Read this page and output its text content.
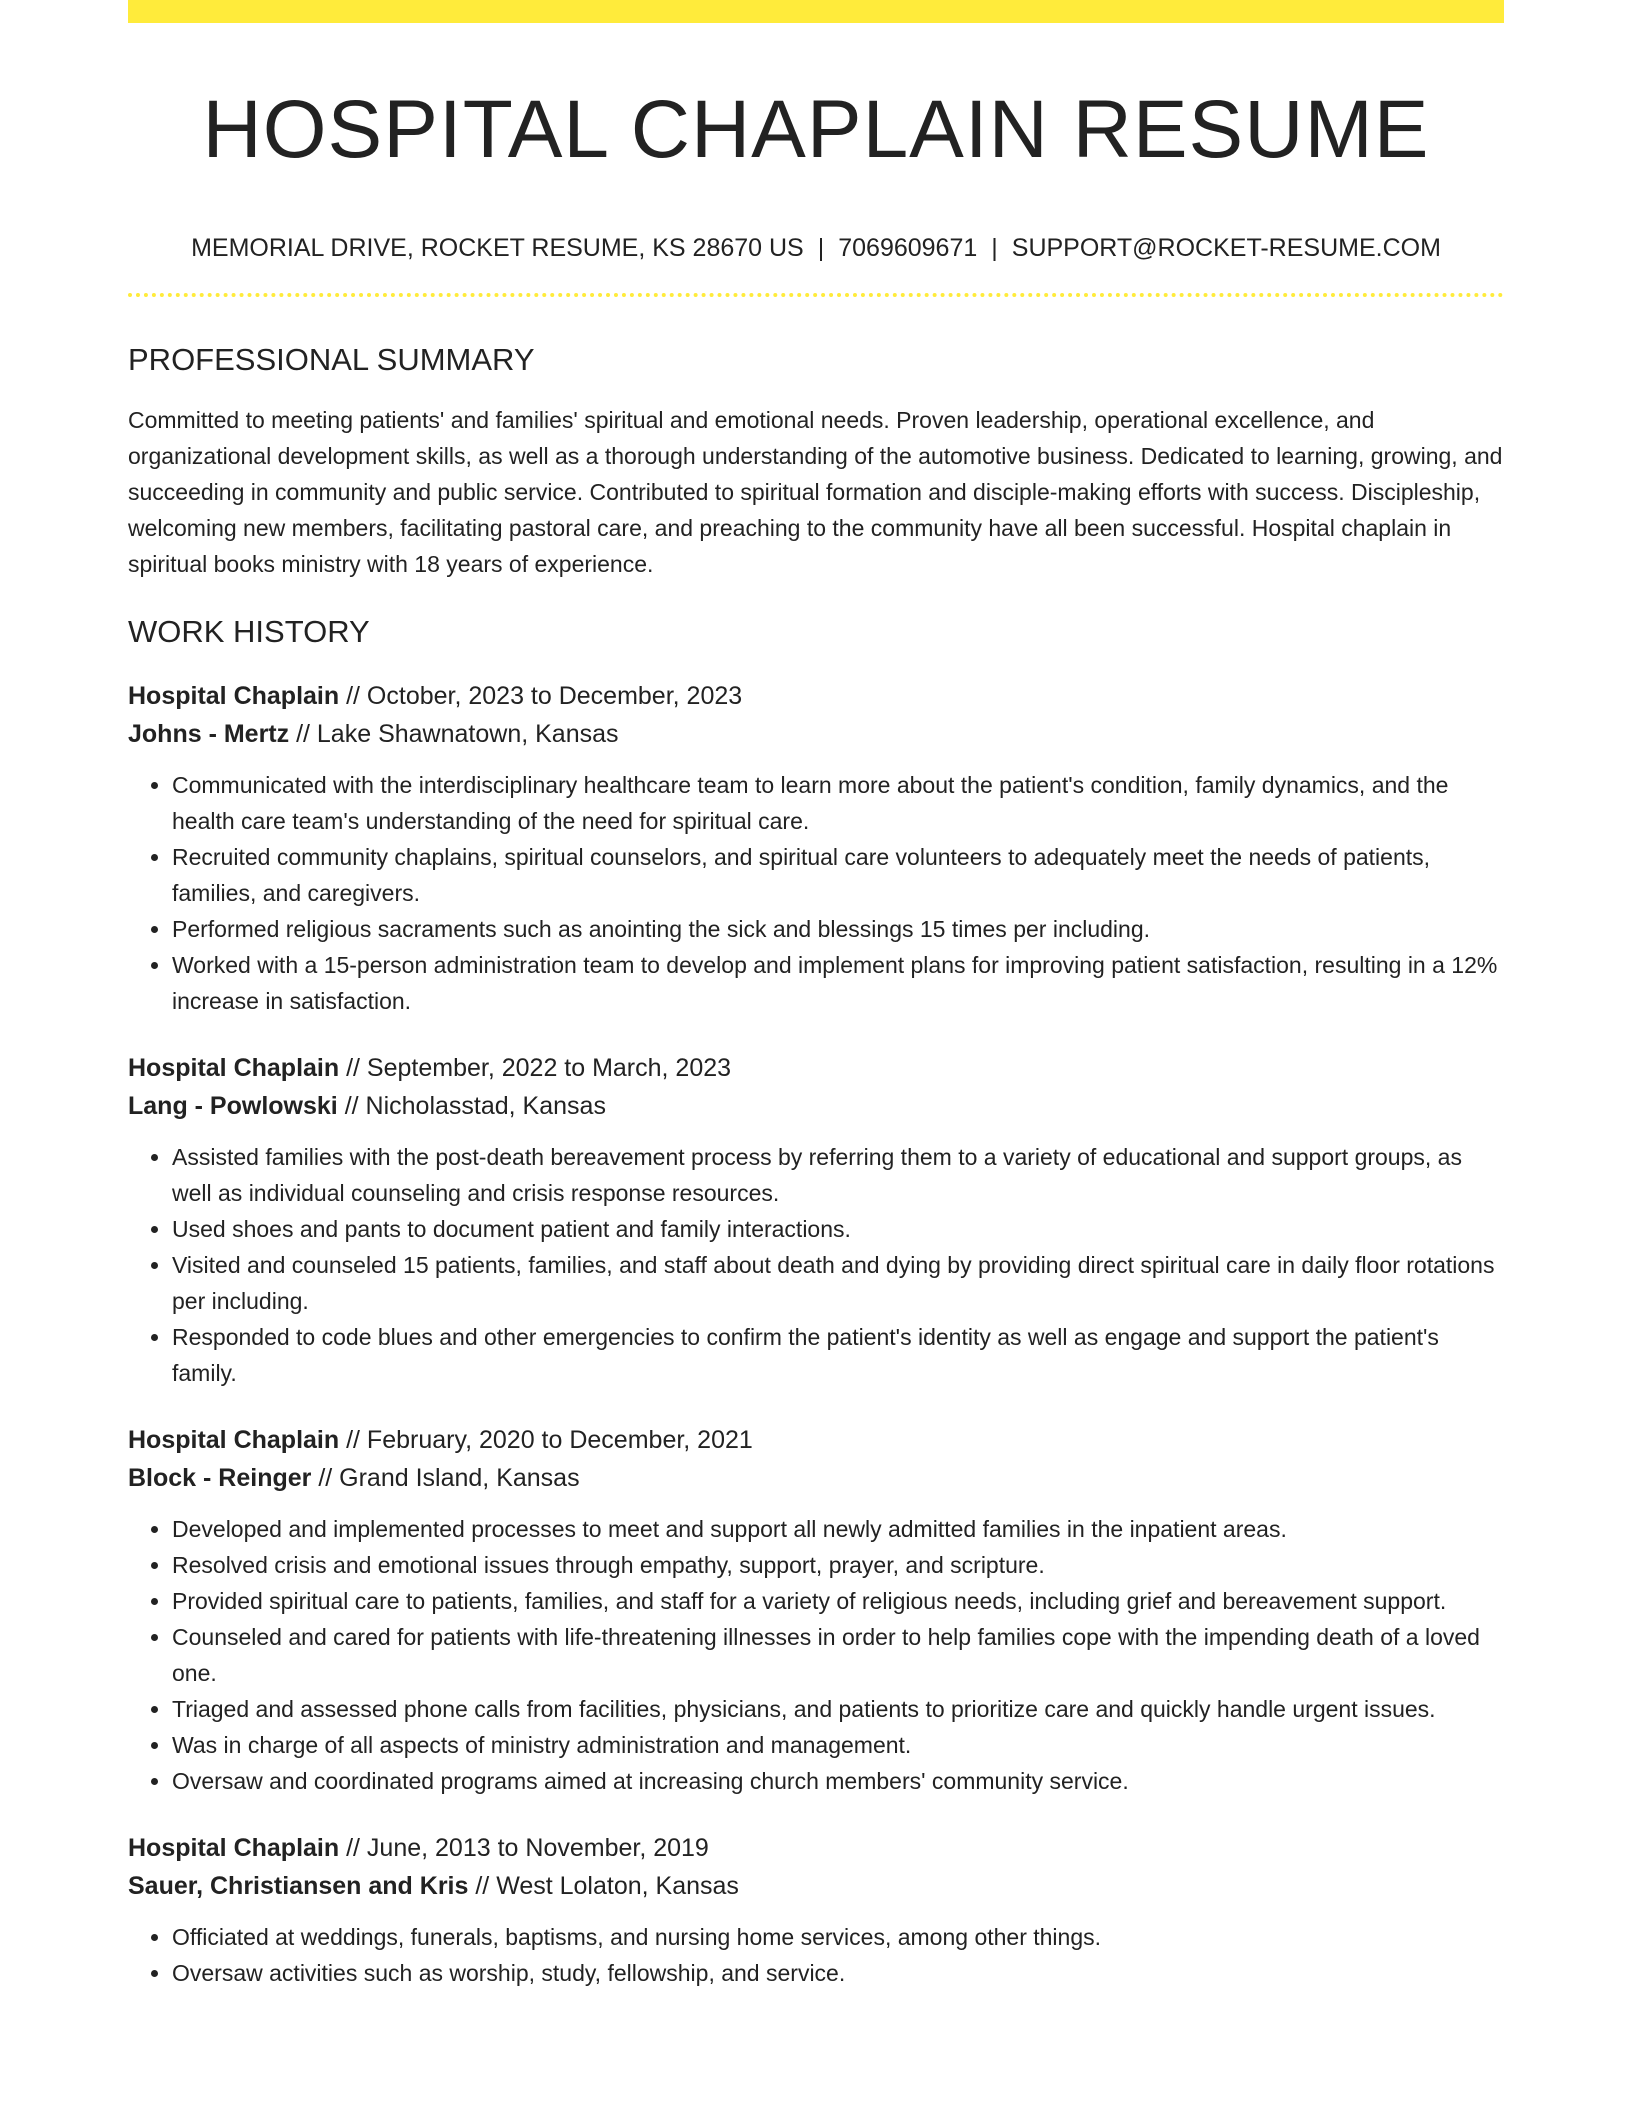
HOSPITAL CHAPLAIN RESUME
MEMORIAL DRIVE, ROCKET RESUME, KS 28670 US | 7069609671 | SUPPORT@ROCKET-RESUME.COM
PROFESSIONAL SUMMARY

Committed to meeting patients' and families' spiritual and emotional needs. Proven leadership, operational excellence, and organizational development skills, as well as a thorough understanding of the automotive business. Dedicated to learning, growing, and succeeding in community and public service. Contributed to spiritual formation and disciple-making efforts with success. Discipleship, welcoming new members, facilitating pastoral care, and preaching to the community have all been successful. Hospital chaplain in spiritual books ministry with 18 years of experience.

WORK HISTORY
Hospital Chaplain // October, 2023 to December, 2023
Johns - Mertz // Lake Shawnatown, Kansas
• Communicated with the interdisciplinary healthcare team to learn more about the patient's condition, family dynamics, and the health care team's understanding of the need for spiritual care.
• Recruited community chaplains, spiritual counselors, and spiritual care volunteers to adequately meet the needs of patients, families, and caregivers.
• Performed religious sacraments such as anointing the sick and blessings 15 times per including.
• Worked with a 15-person administration team to develop and implement plans for improving patient satisfaction, resulting in a 12% increase in satisfaction.
Hospital Chaplain // September, 2022 to March, 2023
Lang - Powlowski // Nicholasstad, Kansas
• Assisted families with the post-death bereavement process by referring them to a variety of educational and support groups, as well as individual counseling and crisis response resources.
• Used shoes and pants to document patient and family interactions.
• Visited and counseled 15 patients, families, and staff about death and dying by providing direct spiritual care in daily floor rotations per including.
• Responded to code blues and other emergencies to confirm the patient's identity as well as engage and support the patient's family.
Hospital Chaplain // February, 2020 to December, 2021
Block - Reinger // Grand Island, Kansas
• Developed and implemented processes to meet and support all newly admitted families in the inpatient areas.
• Resolved crisis and emotional issues through empathy, support, prayer, and scripture.
• Provided spiritual care to patients, families, and staff for a variety of religious needs, including grief and bereavement support.
• Counseled and cared for patients with life-threatening illnesses in order to help families cope with the impending death of a loved one.
• Triaged and assessed phone calls from facilities, physicians, and patients to prioritize care and quickly handle urgent issues.
• Was in charge of all aspects of ministry administration and management.
• Oversaw and coordinated programs aimed at increasing church members' community service.
Hospital Chaplain // June, 2013 to November, 2019
Sauer, Christiansen and Kris // West Lolaton, Kansas
• Officiated at weddings, funerals, baptisms, and nursing home services, among other things.
• Oversaw activities such as worship, study, fellowship, and service.
